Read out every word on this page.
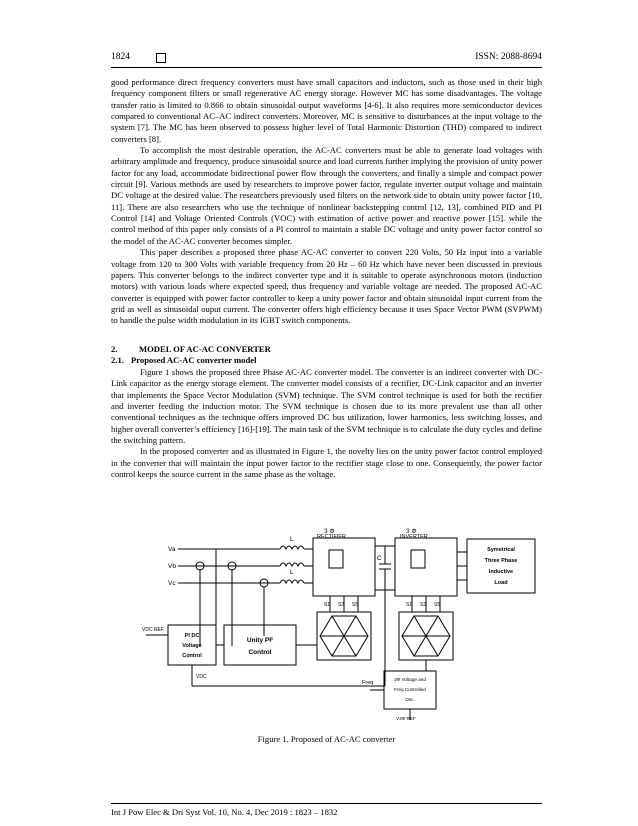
1824	ISSN: 2088-8694

good performance direct frequency converters must have small capacitors and inductors, such as those used in their high frequency component filters or small regenerative AC energy storage. However MC has some disadvantages. The voltage transfer ratio is limited to 0.866 to obtain sinusoidal output waveforms [4-6]. It also requires more semiconductor devices compared to conventional AC–AC indirect converters. Moreover, MC is sensitive to disturbances at the input voltage to the system [7]. The MC has been observed to possess higher level of Total Harmonic Distortion (THD) compared to indirect converters [8].

To accomplish the most desirable operation, the AC-AC converters must be able to generate load voltages with arbitrary amplitude and frequency, produce sinusoidal source and load currents further implying the provision of unity power factor for any load, accommodate bidirectional power flow through the converters, and finally a simple and compact power circuit [9]. Various methods are used by researchers to improve power factor, regulate inverter output voltage and maintain DC voltage at the desired value. The researchers previously used filters on the network side to obtain unity power factor [10, 11]. There are also researchers who use the technique of nonlinear backstepping control [12, 13], combined PID and PI Control [14] and Voltage Oriented Controls (VOC) with estimation of active power and reactive power [15]. while the control method of this paper only consists of a PI control to maintain a stable DC voltage and unity power factor control so the model of the AC-AC converter becomes simpler.

This paper describes a proposed three phase AC-AC converter to convert 220 Volts, 50 Hz input into a variable voltage from 120 to 300 Volts with variable frequency from 20 Hz – 60 Hz which have never been discussed in previous papers. This converter belongs to the indirect converter type and it is suitable to operate asynchronous motors (induction motors) with various loads where expected speed, thus frequency and variable voltage are needed. The proposed AC-AC converter is equipped with power factor controller to keep a unity power factor and obtain sinusoidal input current from the grid as well as sinusoidal ouput current. The converter offers high efficiency because it uses Space Vector PWM (SVPWM) to handle the pulse width modulation in its IGBT switch components.

2.	MODEL OF AC-AC CONVERTER
2.1. Proposed AC-AC converter model

Figure 1 shows the proposed three Phase AC-AC converter model. The converter is an indirect converter with DC-Link capacitor as the energy storage element. The converter model consists of a rectifier, DC-Link capacitor and an inverter that implements the Space Vector Modulation (SVM) technique. The SVM control technique is used for both the rectifier and inverter feeding the induction motor. The SVM technique is chosen due to its more prevalent use than all other conventional techniques as the technique offers improved DC bus utilization, lower harmonics, less switching losses, and higher overall converter’s efficiency [16]-[19]. The main task of the SVM technique is to calculate the duty cycles and define the switching pattern.

In the proposed converter and as illustrated in Figure 1, the novelty lies on the unity power factor control employed in the converter that will maintain the input power factor to the rectifier stage close to one. Consequently, the power factor control keeps the source current in the same phase as the voltage.

3 Φ
RECTIFIER
3 Φ
INVERTER
Va
Vb
Vc
L
L
C
S1 S3 S5	S1 S3 S5
Symetrical
Three Phase
Inductive
Load
PI DC
Voltage
Control
VDC REF
VDC
Unity PF
Control
Freq
3Φ Voltage and
Freq Controlled
Osc.
V3Φ REF
Figure 1. Proposed of AC-AC converter
Int J Pow Elec & Dri Syst Vol. 10, No. 4, Dec 2019 : 1823 – 1832
